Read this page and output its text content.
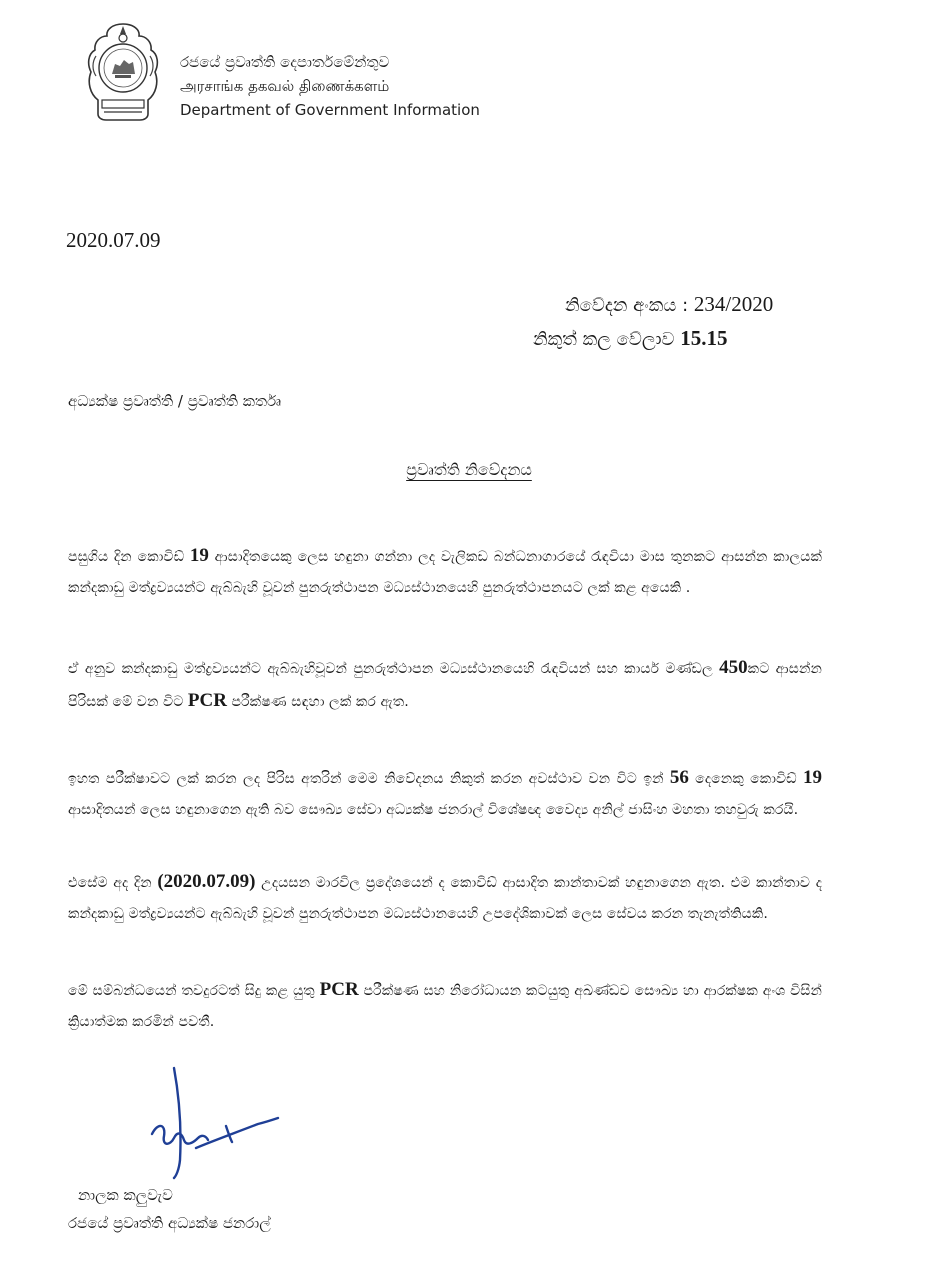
රජයේ ප්‍රවෘත්ති දෙපාර්තමේන්තුව
அரசாங்க தகவல் திணைக்களம்
Department of Government Information
2020.07.09
නිවේදන අංකය : 234/2020
නිකුත් කල වේලාව 15.15
අධ්‍යක්ෂ ප්‍රවෘත්ති / ප්‍රවෘත්ති කර්තෘ
ප්‍රවෘත්ති නිවේදනය

පසුගිය දින කොවිඩ් 19 ආසාදිතයෙකු ලෙස හඳුනා ගන්නා ලද වැලිකඩ බන්ධනාගාරයේ රැඳවියා මාස තුනකට ආසන්න කාලයක් කන්දකාඩු මත්ද්‍රව්‍යයන්ට ඇබ්බැහි වූවන් පුනරුත්ථාපන මධ්‍යස්ථානයෙහි පුනරුත්ථාපනයට ලක් කළ අයෙකි .

ඒ අනුව කන්දකාඩු මත්ද්‍රව්‍යයන්ට ඇබ්බැහිවූවන් පුනරුත්ථාපන මධ්‍යස්ථානයෙහි රැඳවියන් සහ කාර්ය මණ්ඩල 450කට ආසන්න පිරිසක් මේ වන විට PCR පරීක්ෂණ සඳහා ලක් කර ඇත.

ඉහත පරීක්ෂාවට ලක් කරන ලද පිරිස අතරින් මෙම නිවේදනය නිකුත් කරන අවස්ථාව වන විට ඉන් 56 දෙනෙකු කොවිඩ් 19 ආසාදිතයන් ලෙස හඳුනාගෙන ඇති බව සෞඛ්‍ය සේවා අධ්‍යක්ෂ ජනරාල් විශේෂඥ වෛද්‍ය අනිල් ජාසිංහ මහතා තහවුරු කරයි.

එසේම අද දින (2020.07.09) උදයසන මාරවිල ප්‍රදේශයෙන් ද කොවිඩ් ආසාදිත කාන්තාවක් හඳුනාගෙන ඇත. එම කාන්තාව ද කන්දකාඩු මත්ද්‍රව්‍යයන්ට ඇබ්බැහි වූවන් පුනරුත්ථාපන මධ්‍යස්ථානයෙහි උපදේශිකාවක් ලෙස සේවය කරන තැනැත්තියකි.

මේ සම්බන්ධයෙන් තවදුරටත් සිදු කළ යුතු PCR පරීක්ෂණ සහ නිරෝධායන කටයුතු අඛණ්ඩව සෞඛ්‍ය හා ආරක්ෂක අංශ විසින් ක්‍රියාත්මක කරමින් පවතී.

නාලක කලුවැව
රජයේ ප්‍රවෘත්ති අධ්‍යක්ෂ ජනරාල්
